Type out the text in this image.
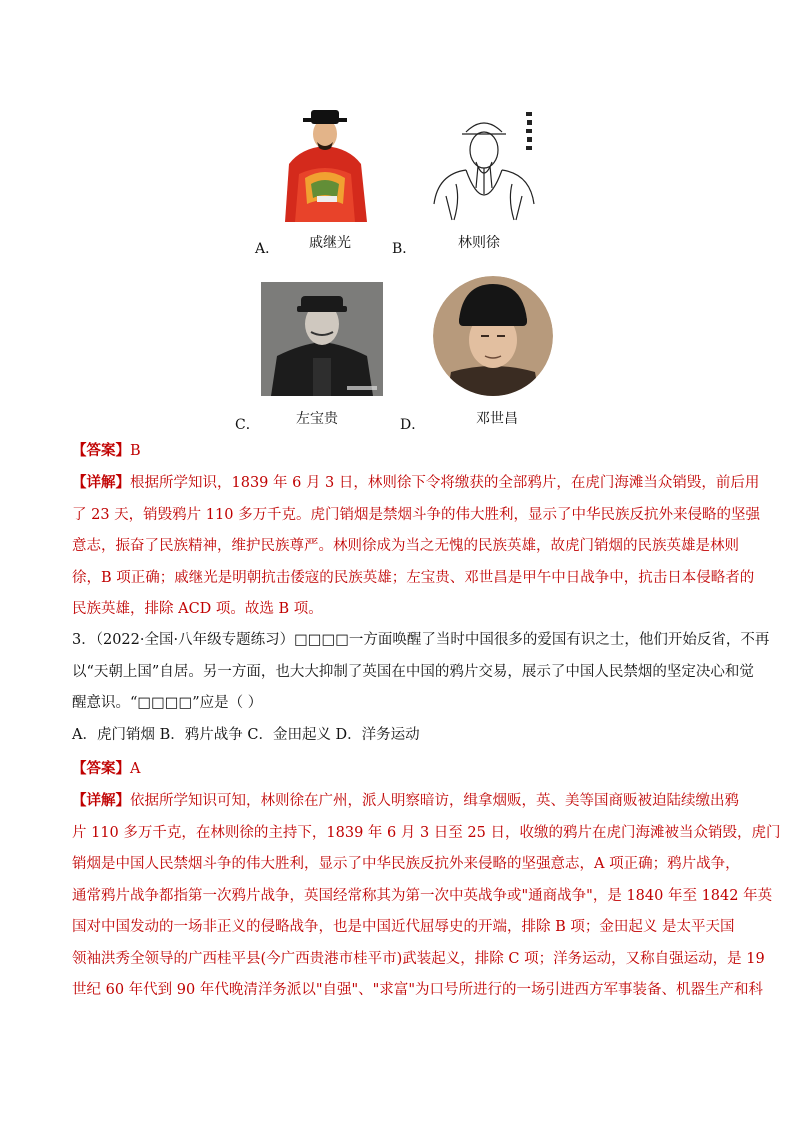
A． 戚继光	B．	林则徐
C．	左宝贵	D．	邓世昌
【答案】B
【详解】根据所学知识，1839 年 6 月 3 日，林则徐下令将缴获的全部鸦片，在虎门海滩当众销毁，前后用
了 23 天，销毁鸦片 110 多万千克。虎门销烟是禁烟斗争的伟大胜利，显示了中华民族反抗外来侵略的坚强
意志，振奋了民族精神，维护民族尊严。林则徐成为当之无愧的民族英雄，故虎门销烟的民族英雄是林则
徐，B 项正确；戚继光是明朝抗击倭寇的民族英雄；左宝贵、邓世昌是甲午中日战争中，抗击日本侵略者的
民族英雄，排除 ACD 项。故选 B 项。
3．（2022·全国·八年级专题练习）□□□□一方面唤醒了当时中国很多的爱国有识之士，他们开始反省，不再
以“天朝上国”自居。另一方面，也大大抑制了英国在中国的鸦片交易，展示了中国人民禁烟的坚定决心和觉
醒意识。“□□□□”应是（ ）
A．虎门销烟 B．鸦片战争 C．金田起义 D．洋务运动
【答案】A
【详解】依据所学知识可知，林则徐在广州，派人明察暗访，缉拿烟贩，英、美等国商贩被迫陆续缴出鸦
片 110 多万千克，在林则徐的主持下，1839 年 6 月 3 日至 25 日，收缴的鸦片在虎门海滩被当众销毁，虎门
销烟是中国人民禁烟斗争的伟大胜利，显示了中华民族反抗外来侵略的坚强意志，A 项正确；鸦片战争，
通常鸦片战争都指第一次鸦片战争，英国经常称其为第一次中英战争或"通商战争"，是 1840 年至 1842 年英
国对中国发动的一场非正义的侵略战争，也是中国近代屈辱史的开端，排除 B 项；金田起义 是太平天国
领袖洪秀全领导的广西桂平县(今广西贵港市桂平市)武装起义，排除 C 项；洋务运动，又称自强运动，是 19
世纪 60 年代到 90 年代晚清洋务派以"自强"、"求富"为口号所进行的一场引进西方军事装备、机器生产和科
